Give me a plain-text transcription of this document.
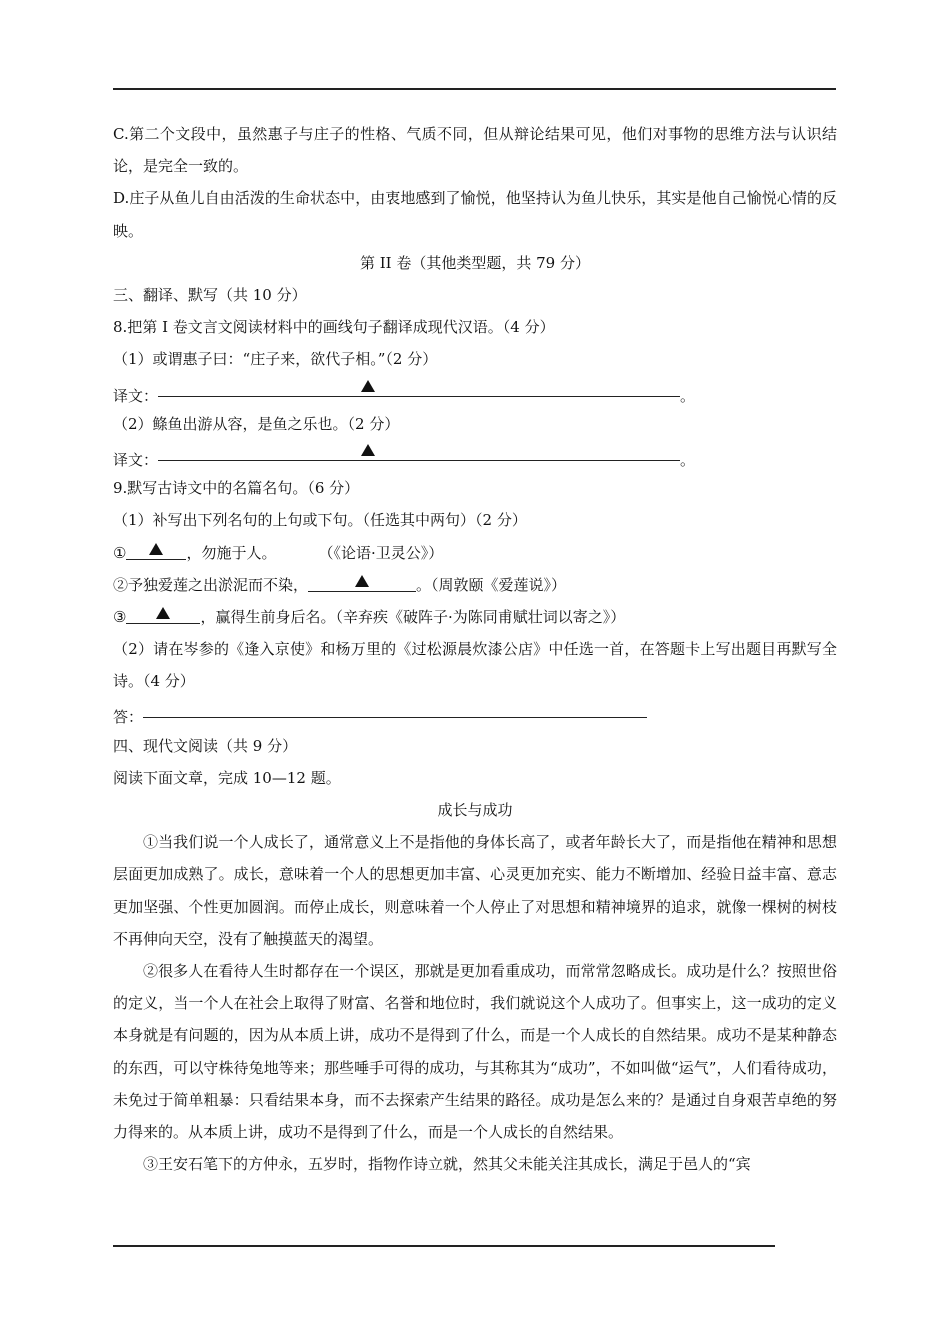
C.第二个文段中，虽然惠子与庄子的性格、气质不同，但从辩论结果可见，他们对事物的思维方法与认识结论，是完全一致的。
D.庄子从鱼儿自由活泼的生命状态中，由衷地感到了愉悦，他坚持认为鱼儿快乐，其实是他自己愉悦心情的反映。
第 II 卷（其他类型题，共 79 分）
三、翻译、默写（共 10 分）
8.把第 I 卷文言文阅读材料中的画线句子翻译成现代汉语。（4 分）
（1）或谓惠子曰：“庄子来，欲代子相。”（2 分）
译文：	。
（2）鲦鱼出游从容，是鱼之乐也。（2 分）
译文：	。
9.默写古诗文中的名篇名句。（6 分）
（1）补写出下列名句的上句或下句。（任选其中两句）（2 分）
①	，勿施于人。	（《论语·卫灵公》）
②予独爱莲之出淤泥而不染，	。（周敦颐《爱莲说》）
③	，赢得生前身后名。（辛弃疾《破阵子·为陈同甫赋壮词以寄之》）
（2）请在岑参的《逢入京使》和杨万里的《过松源晨炊漆公店》中任选一首，在答题卡上写出题目再默写全诗。（4 分）
答：
四、现代文阅读（共 9 分）
阅读下面文章，完成 10—12 题。
成长与成功
①当我们说一个人成长了，通常意义上不是指他的身体长高了，或者年龄长大了，而是指他在精神和思想层面更加成熟了。成长，意味着一个人的思想更加丰富、心灵更加充实、能力不断增加、经验日益丰富、意志更加坚强、个性更加圆润。而停止成长，则意味着一个人停止了对思想和精神境界的追求，就像一棵树的树枝不再伸向天空，没有了触摸蓝天的渴望。
②很多人在看待人生时都存在一个误区，那就是更加看重成功，而常常忽略成长。成功是什么？按照世俗的定义，当一个人在社会上取得了财富、名誉和地位时，我们就说这个人成功了。但事实上，这一成功的定义本身就是有问题的，因为从本质上讲，成功不是得到了什么，而是一个人成长的自然结果。成功不是某种静态的东西，可以守株待兔地等来；那些唾手可得的成功，与其称其为“成功”，不如叫做“运气”，人们看待成功，未免过于简单粗暴：只看结果本身，而不去探索产生结果的路径。成功是怎么来的？是通过自身艰苦卓绝的努力得来的。从本质上讲，成功不是得到了什么，而是一个人成长的自然结果。
③王安石笔下的方仲永，五岁时，指物作诗立就，然其父未能关注其成长，满足于邑人的“宾
